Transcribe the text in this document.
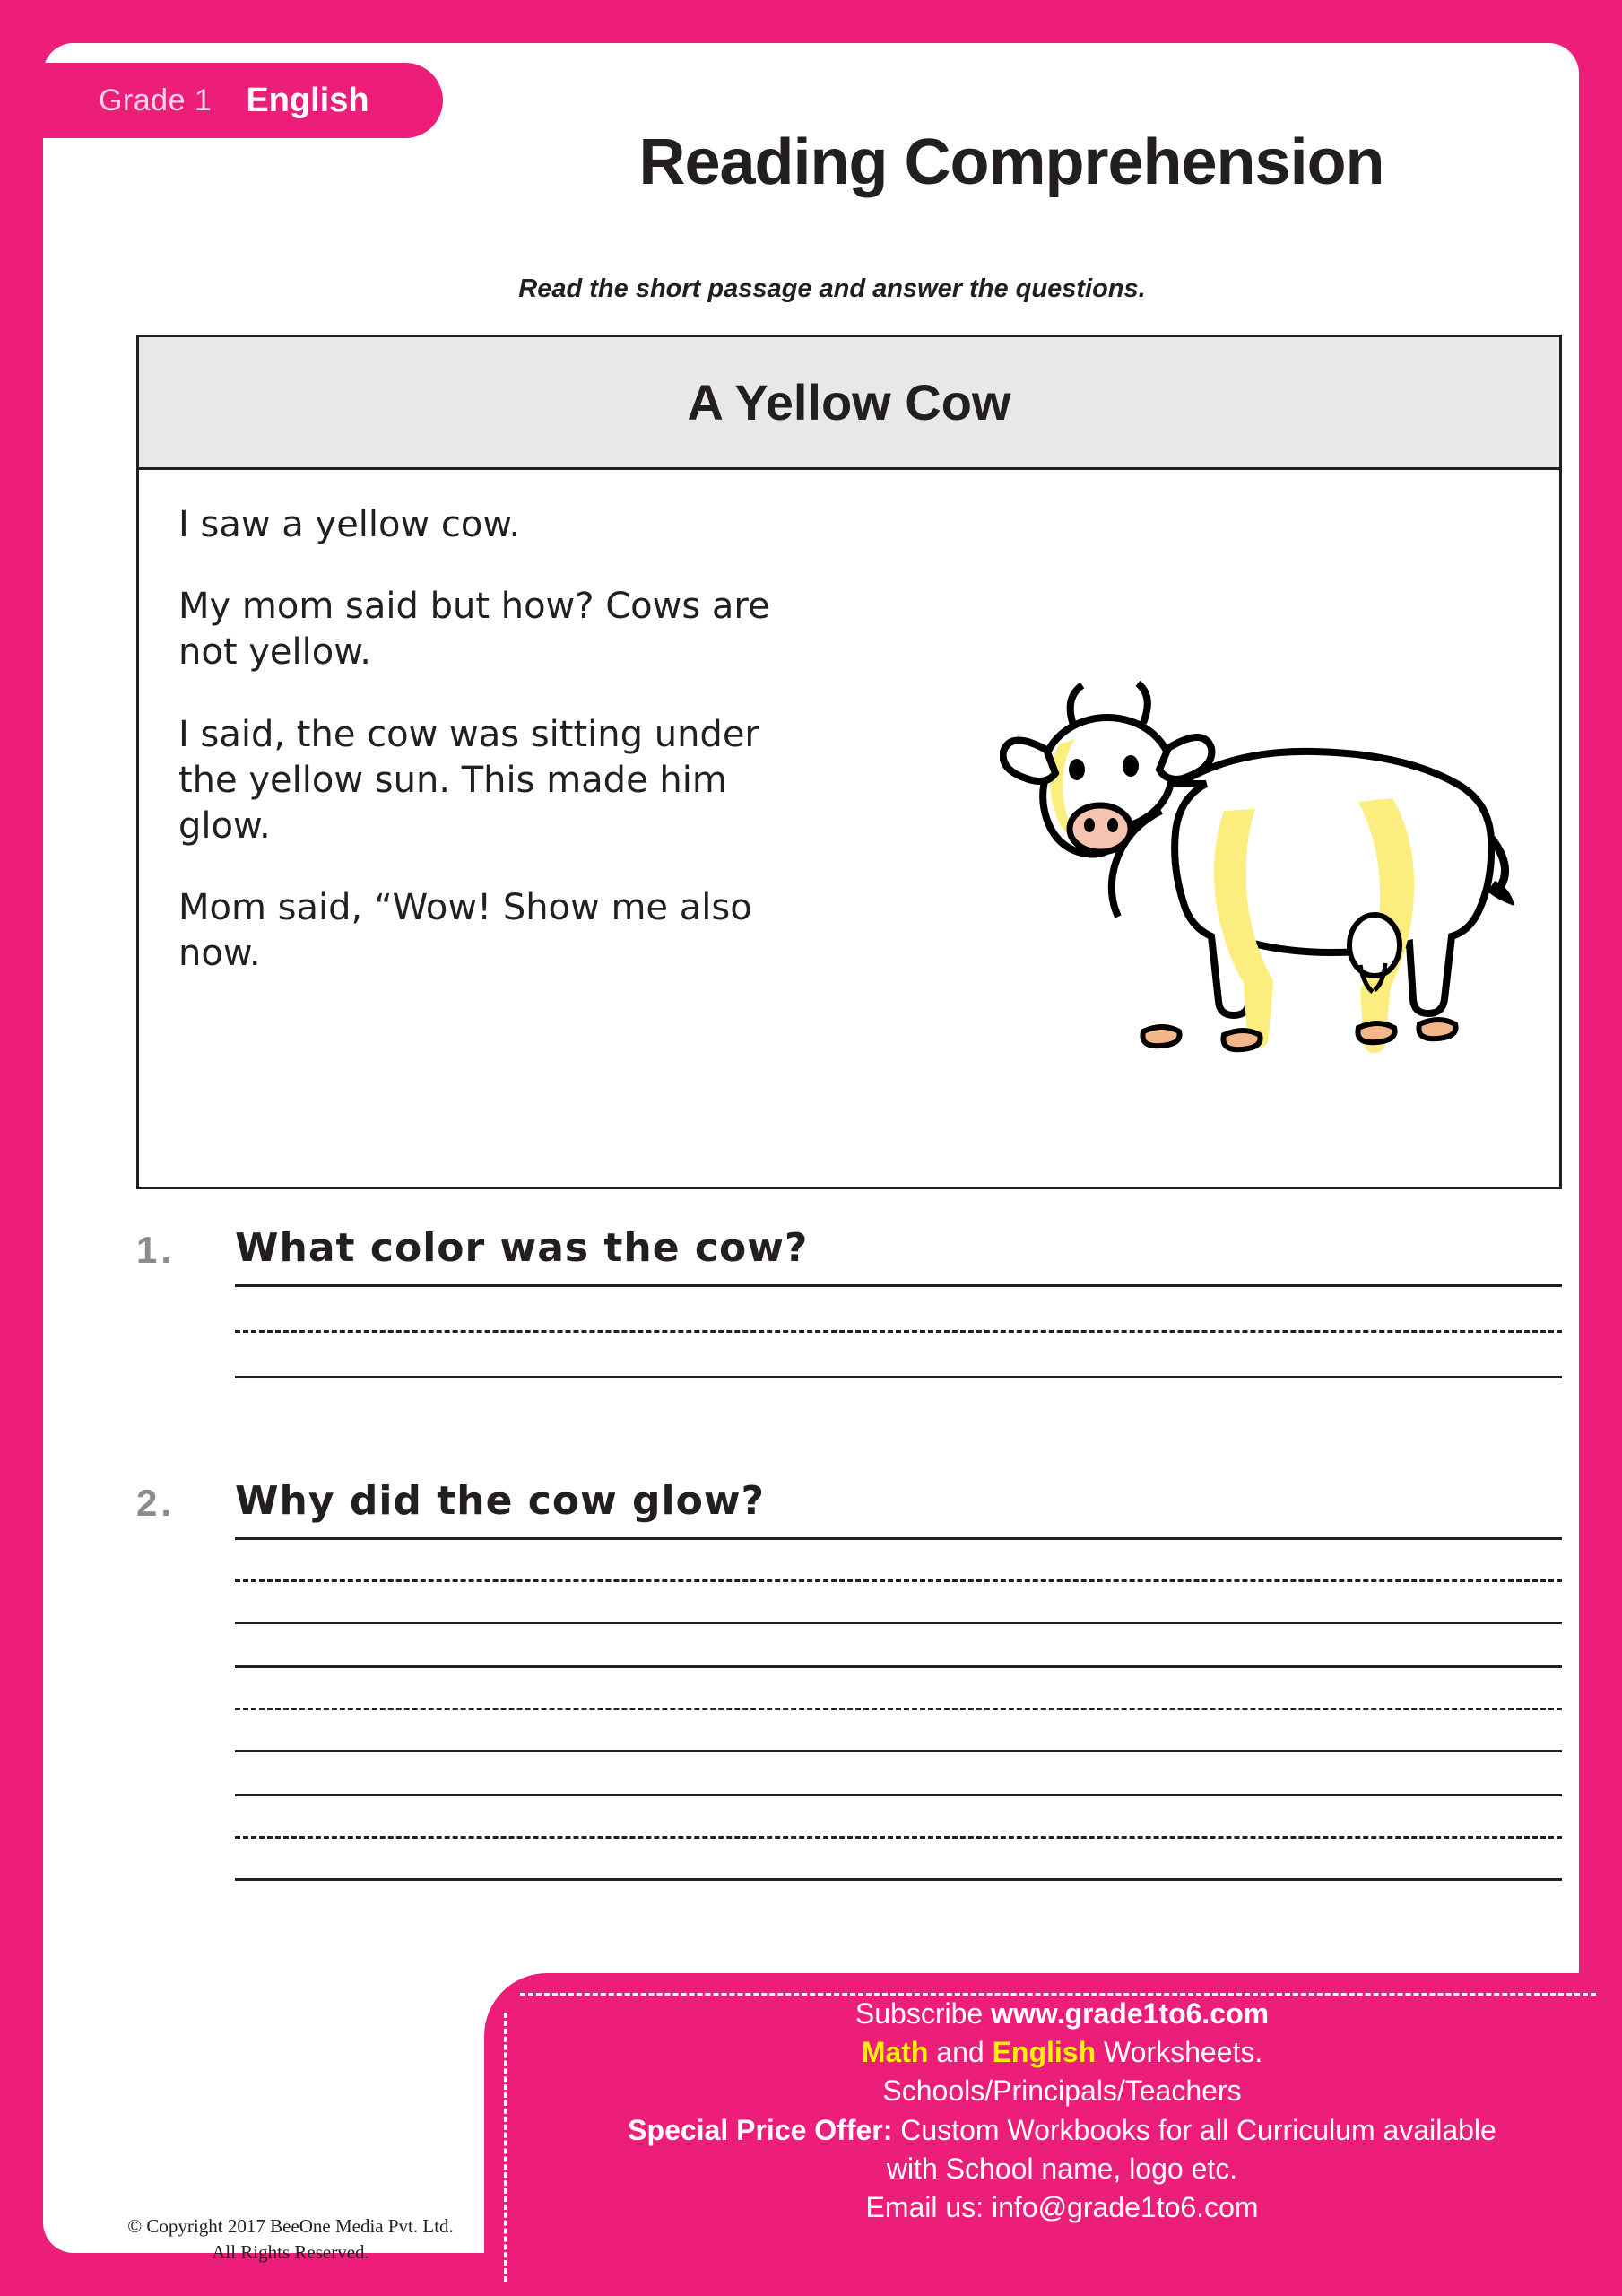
Grade 1 English
Reading Comprehension
Read the short passage and answer the questions.
A Yellow Cow

I saw a yellow cow.

My mom said but how? Cows are not yellow.

I said, the cow was sitting under the yellow sun. This made him glow.

Mom said, “Wow! Show me also now.

1.	What color was the cow?
2.	Why did the cow glow?
© Copyright 2017 BeeOne Media Pvt. Ltd.
All Rights Reserved.
Subscribe www.grade1to6.com
Math and English Worksheets.
Schools/Principals/Teachers
Special Price Offer: Custom Workbooks for all Curriculum available
with School name, logo etc.
Email us: info@grade1to6.com
